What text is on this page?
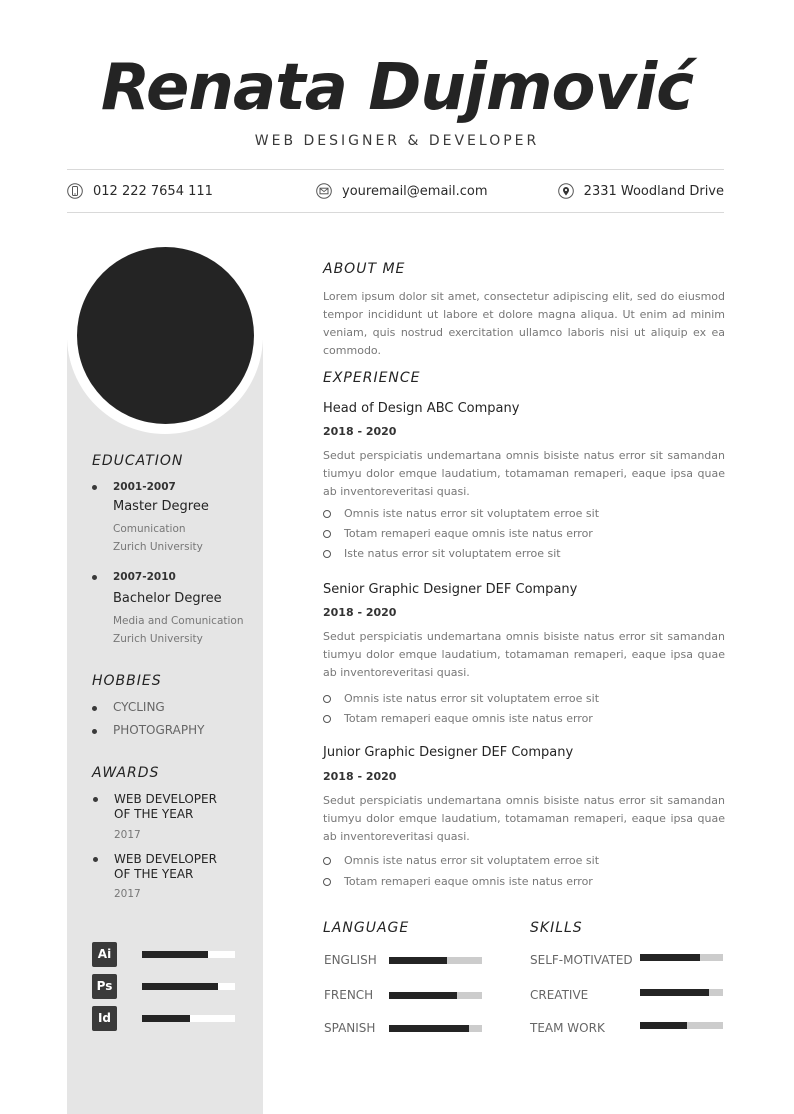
Renata Dujmović
WEB DESIGNER & DEVELOPER
012 222 7654 111	youremail@email.com	2331 Woodland Drive
EDUCATION
2001-2007
Master Degree
Comunication
Zurich University
2007-2010
Bachelor Degree
Media and Comunication
Zurich University
HOBBIES
CYCLING
PHOTOGRAPHY
AWARDS
WEB DEVELOPER
OF THE YEAR
2017
WEB DEVELOPER
OF THE YEAR
2017
Ai
Ps
Id
ABOUT ME
Lorem ipsum dolor sit amet, consectetur adipiscing elit, sed do eiusmod tempor incididunt ut labore et dolore magna aliqua. Ut enim ad minim veniam, quis nostrud exercitation ullamco laboris nisi ut aliquip ex ea commodo.
EXPERIENCE
Head of Design ABC Company
2018 - 2020
Sedut perspiciatis undemartana omnis bisiste natus error sit samandan tiumyu dolor emque laudatium, totamaman remaperi, eaque ipsa quae ab inventoreveritasi quasi.
Omnis iste natus error sit voluptatem erroe sit
Totam remaperi eaque omnis iste natus error
Iste natus error sit voluptatem erroe sit
Senior Graphic Designer DEF Company
2018 - 2020
Sedut perspiciatis undemartana omnis bisiste natus error sit samandan tiumyu dolor emque laudatium, totamaman remaperi, eaque ipsa quae ab inventoreveritasi quasi.
Omnis iste natus error sit voluptatem erroe sit
Totam remaperi eaque omnis iste natus error
Junior Graphic Designer DEF Company
2018 - 2020
Sedut perspiciatis undemartana omnis bisiste natus error sit samandan tiumyu dolor emque laudatium, totamaman remaperi, eaque ipsa quae ab inventoreveritasi quasi.
Omnis iste natus error sit voluptatem erroe sit
Totam remaperi eaque omnis iste natus error
LANGUAGE
ENGLISH
FRENCH
SPANISH
SKILLS
SELF-MOTIVATED
CREATIVE
TEAM WORK
